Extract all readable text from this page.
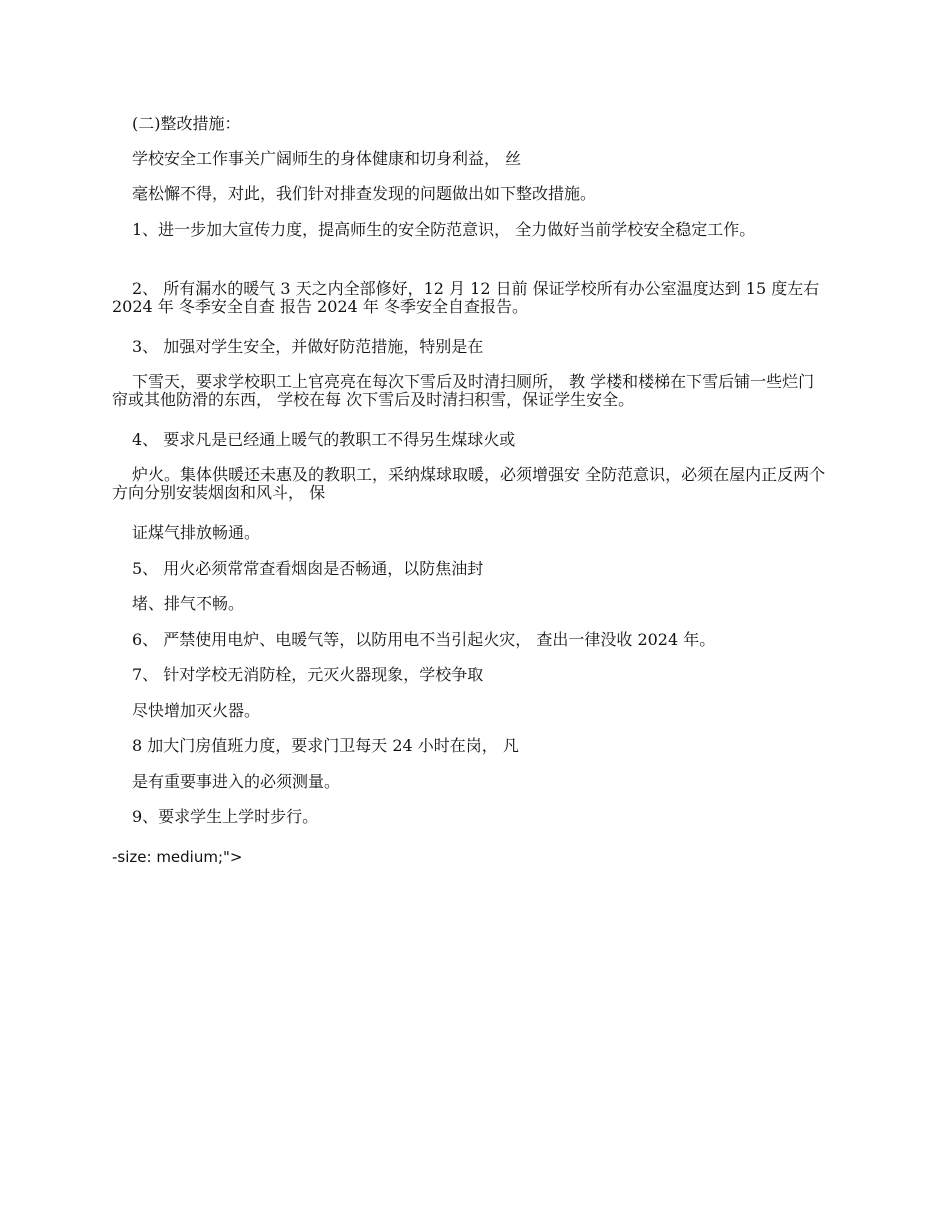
(二)整改措施：

学校安全工作事关广阔师生的身体健康和切身利益， 丝

毫松懈不得，对此，我们针对排查发现的问题做出如下整改措施。

1、进一步加大宣传力度，提高师生的安全防范意识， 全力做好当前学校安全稳定工作。

2、 所有漏水的暖气 3 天之内全部修好，12 月 12 日前 保证学校所有办公室温度达到 15 度左右 2024 年 冬季安全自查 报告 2024 年 冬季安全自查报告。

3、 加强对学生安全，并做好防范措施，特别是在

下雪天，要求学校职工上官亮亮在每次下雪后及时清扫厕所， 教 学楼和楼梯在下雪后铺一些烂门帘或其他防滑的东西， 学校在每 次下雪后及时清扫积雪，保证学生安全。

4、 要求凡是已经通上暖气的教职工不得另生煤球火或

炉火。集体供暖还未惠及的教职工，采纳煤球取暖，必须增强安 全防范意识，必须在屋内正反两个方向分别安装烟囱和风斗， 保

证煤气排放畅通。

5、 用火必须常常查看烟囱是否畅通，以防焦油封

堵、排气不畅。

6、 严禁使用电炉、电暖气等，以防用电不当引起火灾， 查出一律没收 2024 年。

7、 针对学校无消防栓，元灭火器现象，学校争取

尽快增加灭火器。

8 加大门房值班力度，要求门卫每天 24 小时在岗， 凡

是有重要事进入的必须测量。

9、要求学生上学时步行。

-size: medium;">
